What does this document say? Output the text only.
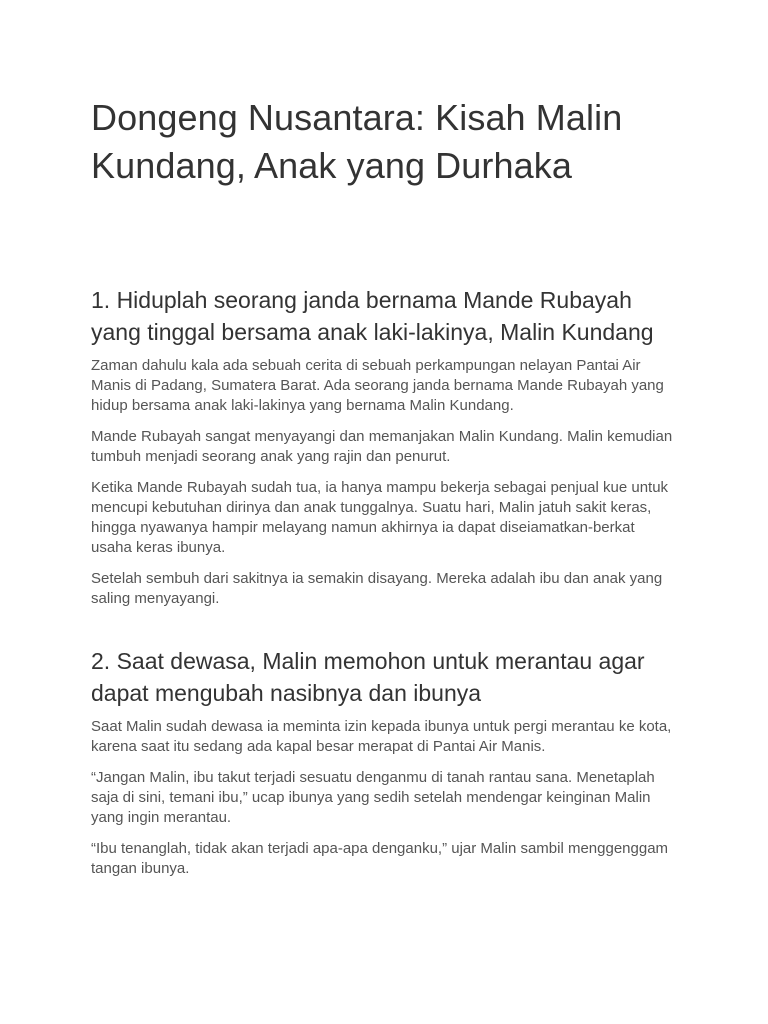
Dongeng Nusantara: Kisah Malin Kundang, Anak yang Durhaka
1. Hiduplah seorang janda bernama Mande Rubayah yang tinggal bersama anak laki-lakinya, Malin Kundang

Zaman dahulu kala ada sebuah cerita di sebuah perkampungan nelayan Pantai Air Manis di Padang, Sumatera Barat. Ada seorang janda bernama Mande Rubayah yang hidup bersama anak laki-lakinya yang bernama Malin Kundang.

Mande Rubayah sangat menyayangi dan memanjakan Malin Kundang. Malin kemudian tumbuh menjadi seorang anak yang rajin dan penurut.

Ketika Mande Rubayah sudah tua, ia hanya mampu bekerja sebagai penjual kue untuk mencupi kebutuhan dirinya dan anak tunggalnya. Suatu hari, Malin jatuh sakit keras, hingga nyawanya hampir melayang namun akhirnya ia dapat diseiamatkan-berkat usaha keras ibunya.

Setelah sembuh dari sakitnya ia semakin disayang. Mereka adalah ibu dan anak yang saling menyayangi.

2. Saat dewasa, Malin memohon untuk merantau agar dapat mengubah nasibnya dan ibunya

Saat Malin sudah dewasa ia meminta izin kepada ibunya untuk pergi merantau ke kota, karena saat itu sedang ada kapal besar merapat di Pantai Air Manis.

“Jangan Malin, ibu takut terjadi sesuatu denganmu di tanah rantau sana. Menetaplah saja di sini, temani ibu,” ucap ibunya yang sedih setelah mendengar keinginan Malin yang ingin merantau.

“Ibu tenanglah, tidak akan terjadi apa-apa denganku,” ujar Malin sambil menggenggam tangan ibunya.
